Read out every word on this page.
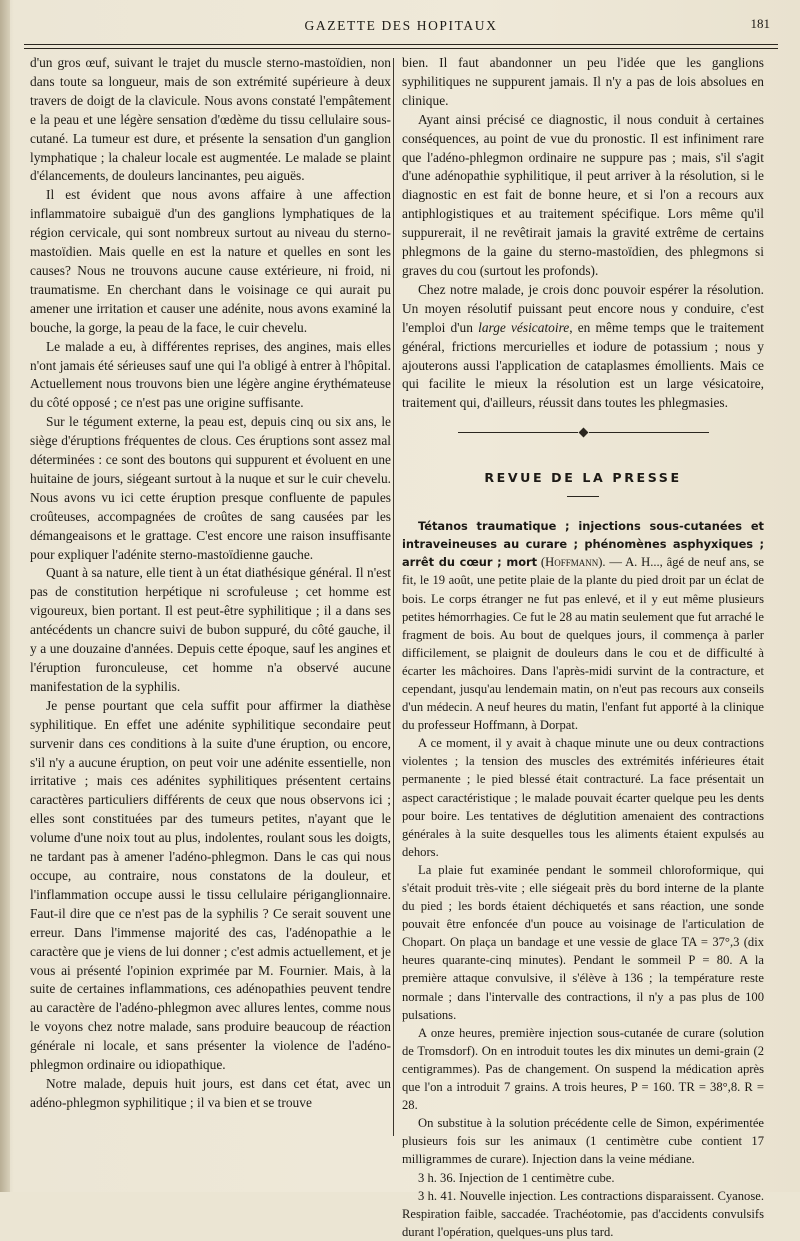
GAZETTE DES HOPITAUX	181

d'un gros œuf, suivant le trajet du muscle sterno-mastoïdien, non dans toute sa longueur, mais de son extrémité supérieure à deux travers de doigt de la clavicule. Nous avons constaté l'empâtement e la peau et une légère sensation d'œdème du tissu cellulaire sous-cutané. La tumeur est dure, et présente la sensation d'un ganglion lymphatique ; la chaleur locale est augmentée. Le malade se plaint d'élancements, de douleurs lancinantes, peu aiguës.

Il est évident que nous avons affaire à une affection inflammatoire subaiguë d'un des ganglions lymphatiques de la région cervicale, qui sont nombreux surtout au niveau du sterno-mastoïdien. Mais quelle en est la nature et quelles en sont les causes? Nous ne trouvons aucune cause extérieure, ni froid, ni traumatisme. En cherchant dans le voisinage ce qui aurait pu amener une irritation et causer une adénite, nous avons examiné la bouche, la gorge, la peau de la face, le cuir chevelu.

Le malade a eu, à différentes reprises, des angines, mais elles n'ont jamais été sérieuses sauf une qui l'a obligé à entrer à l'hôpital. Actuellement nous trouvons bien une légère angine érythémateuse du côté opposé ; ce n'est pas une origine suffisante.

Sur le tégument externe, la peau est, depuis cinq ou six ans, le siège d'éruptions fréquentes de clous. Ces éruptions sont assez mal déterminées : ce sont des boutons qui suppurent et évoluent en une huitaine de jours, siégeant surtout à la nuque et sur le cuir chevelu. Nous avons vu ici cette éruption presque confluente de papules croûteuses, accompagnées de croûtes de sang causées par les démangeaisons et le grattage. C'est encore une raison insuffisante pour expliquer l'adénite sterno-mastoïdienne gauche.

Quant à sa nature, elle tient à un état diathésique général. Il n'est pas de constitution herpétique ni scrofuleuse ; cet homme est vigoureux, bien portant. Il est peut-être syphilitique ; il a dans ses antécédents un chancre suivi de bubon suppuré, du côté gauche, il y a une douzaine d'années. Depuis cette époque, sauf les angines et l'éruption furonculeuse, cet homme n'a observé aucune manifestation de la syphilis.

Je pense pourtant que cela suffit pour affirmer la diathèse syphilitique. En effet une adénite syphilitique secondaire peut survenir dans ces conditions à la suite d'une éruption, ou encore, s'il n'y a aucune éruption, on peut voir une adénite essentielle, non irritative ; mais ces adénites syphilitiques présentent certains caractères particuliers différents de ceux que nous observons ici ; elles sont constituées par des tumeurs petites, n'ayant que le volume d'une noix tout au plus, indolentes, roulant sous les doigts, ne tardant pas à amener l'adéno-phlegmon. Dans le cas qui nous occupe, au contraire, nous constatons de la douleur, et l'inflammation occupe aussi le tissu cellulaire périganglionnaire. Faut-il dire que ce n'est pas de la syphilis ? Ce serait souvent une erreur. Dans l'immense majorité des cas, l'adénopathie a le caractère que je viens de lui donner ; c'est admis actuellement, et je vous ai présenté l'opinion exprimée par M. Fournier. Mais, à la suite de certaines inflammations, ces adénopathies peuvent tendre au caractère de l'adéno-phlegmon avec allures lentes, comme nous le voyons chez notre malade, sans produire beaucoup de réaction générale ni locale, et sans présenter la violence de l'adéno-phlegmon ordinaire ou idiopathique.

Notre malade, depuis huit jours, est dans cet état, avec un adéno-phlegmon syphilitique ; il va bien et se trouve

bien. Il faut abandonner un peu l'idée que les ganglions syphilitiques ne suppurent jamais. Il n'y a pas de lois absolues en clinique.

Ayant ainsi précisé ce diagnostic, il nous conduit à certaines conséquences, au point de vue du pronostic. Il est infiniment rare que l'adéno-phlegmon ordinaire ne suppure pas ; mais, s'il s'agit d'une adénopathie syphilitique, il peut arriver à la résolution, si le diagnostic en est fait de bonne heure, et si l'on a recours aux antiphlogistiques et au traitement spécifique. Lors même qu'il suppurerait, il ne revêtirait jamais la gravité extrême de certains phlegmons de la gaine du sterno-mastoïdien, des phlegmons si graves du cou (surtout les profonds).

Chez notre malade, je crois donc pouvoir espérer la résolution. Un moyen résolutif puissant peut encore nous y conduire, c'est l'emploi d'un large vésicatoire, en même temps que le traitement général, frictions mercurielles et iodure de potassium ; nous y ajouterons aussi l'application de cataplasmes émollients. Mais ce qui facilite le mieux la résolution est un large vésicatoire, traitement qui, d'ailleurs, réussit dans toutes les phlegmasies.

REVUE DE LA PRESSE

Tétanos traumatique ; injections sous-cutanées et intraveineuses au curare ; phénomènes asphyxiques ; arrêt du cœur ; mort (Hoffmann). — A. H..., âgé de neuf ans, se fit, le 19 août, une petite plaie de la plante du pied droit par un éclat de bois. Le corps étranger ne fut pas enlevé, et il y eut même plusieurs petites hémorrhagies. Ce fut le 28 au matin seulement que fut arraché le fragment de bois. Au bout de quelques jours, il commença à parler difficilement, se plaignit de douleurs dans le cou et de difficulté à écarter les mâchoires. Dans l'après-midi survint de la contracture, et cependant, jusqu'au lendemain matin, on n'eut pas recours aux conseils d'un médecin. A neuf heures du matin, l'enfant fut apporté à la clinique du professeur Hoffmann, à Dorpat.

A ce moment, il y avait à chaque minute une ou deux contractions violentes ; la tension des muscles des extrémités inférieures était permanente ; le pied blessé était contracturé. La face présentait un aspect caractéristique ; le malade pouvait écarter quelque peu les dents pour boire. Les tentatives de déglutition amenaient des contractions générales à la suite desquelles tous les aliments étaient expulsés au dehors.

La plaie fut examinée pendant le sommeil chloroformique, qui s'était produit très-vite ; elle siégeait près du bord interne de la plante du pied ; les bords étaient déchiquetés et sans réaction, une sonde pouvait être enfoncée d'un pouce au voisinage de l'articulation de Chopart. On plaça un bandage et une vessie de glace TA = 37°,3 (dix heures quarante-cinq minutes). Pendant le sommeil P = 80. A la première attaque convulsive, il s'élève à 136 ; la température reste normale ; dans l'intervalle des contractions, il n'y a pas plus de 100 pulsations.

A onze heures, première injection sous-cutanée de curare (solution de Tromsdorf). On en introduit toutes les dix minutes un demi-grain (2 centigrammes). Pas de changement. On suspend la médication après que l'on a introduit 7 grains. A trois heures, P = 160. TR = 38°,8. R = 28.

On substitue à la solution précédente celle de Simon, expérimentée plusieurs fois sur les animaux (1 centimètre cube contient 17 milligrammes de curare). Injection dans la veine médiane.

3 h. 36. Injection de 1 centimètre cube.

3 h. 41. Nouvelle injection. Les contractions disparaissent. Cyanose. Respiration faible, saccadée. Trachéotomie, pas d'accidents convulsifs durant l'opération, quelques-uns plus tard.
